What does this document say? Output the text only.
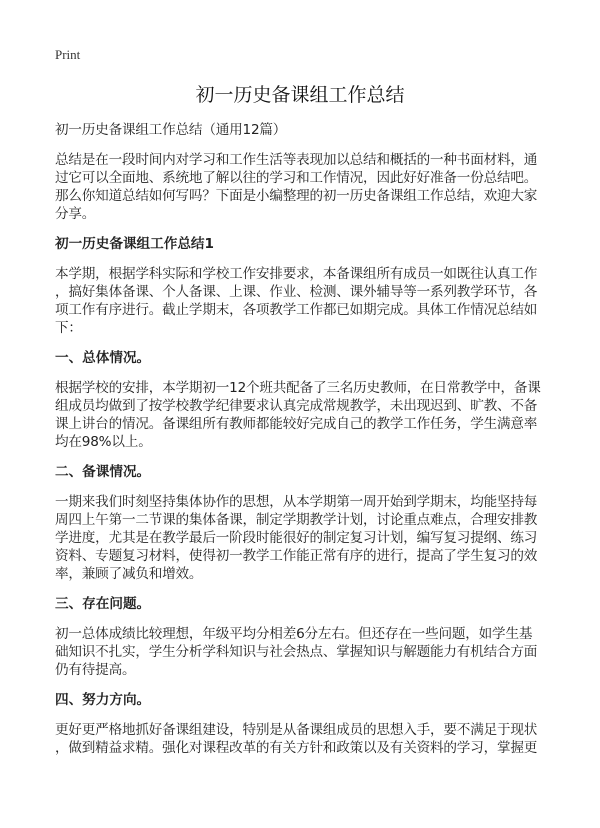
Print
初一历史备课组工作总结
初一历史备课组工作总结（通用12篇）
总结是在一段时间内对学习和工作生活等表现加以总结和概括的一种书面材料，通
过它可以全面地、系统地了解以往的学习和工作情况，因此好好准备一份总结吧。
那么你知道总结如何写吗？下面是小编整理的初一历史备课组工作总结，欢迎大家
分享。
初一历史备课组工作总结1
本学期，根据学科实际和学校工作安排要求，本备课组所有成员一如既往认真工作
，搞好集体备课、个人备课、上课、作业、检测、课外辅导等一系列教学环节，各
项工作有序进行。截止学期末，各项教学工作都已如期完成。具体工作情况总结如
下：
一、总体情况。
根据学校的安排，本学期初一12个班共配备了三名历史教师，在日常教学中，备课
组成员均做到了按学校教学纪律要求认真完成常规教学，未出现迟到、旷教、不备
课上讲台的情况。备课组所有教师都能较好完成自己的教学工作任务，学生满意率
均在98%以上。
二、备课情况。
一期来我们时刻坚持集体协作的思想，从本学期第一周开始到学期末，均能坚持每
周四上午第一二节课的集体备课，制定学期教学计划，讨论重点难点，合理安排教
学进度，尤其是在教学最后一阶段时能很好的制定复习计划，编写复习提纲、练习
资料、专题复习材料，使得初一教学工作能正常有序的进行，提高了学生复习的效
率，兼顾了减负和增效。
三、存在问题。
初一总体成绩比较理想，年级平均分相差6分左右。但还存在一些问题，如学生基
础知识不扎实，学生分析学科知识与社会热点、掌握知识与解题能力有机结合方面
仍有待提高。
四、努力方向。
更好更严格地抓好备课组建设，特别是从备课组成员的思想入手，要不满足于现状
，做到精益求精。强化对课程改革的有关方针和政策以及有关资料的学习，掌握更
